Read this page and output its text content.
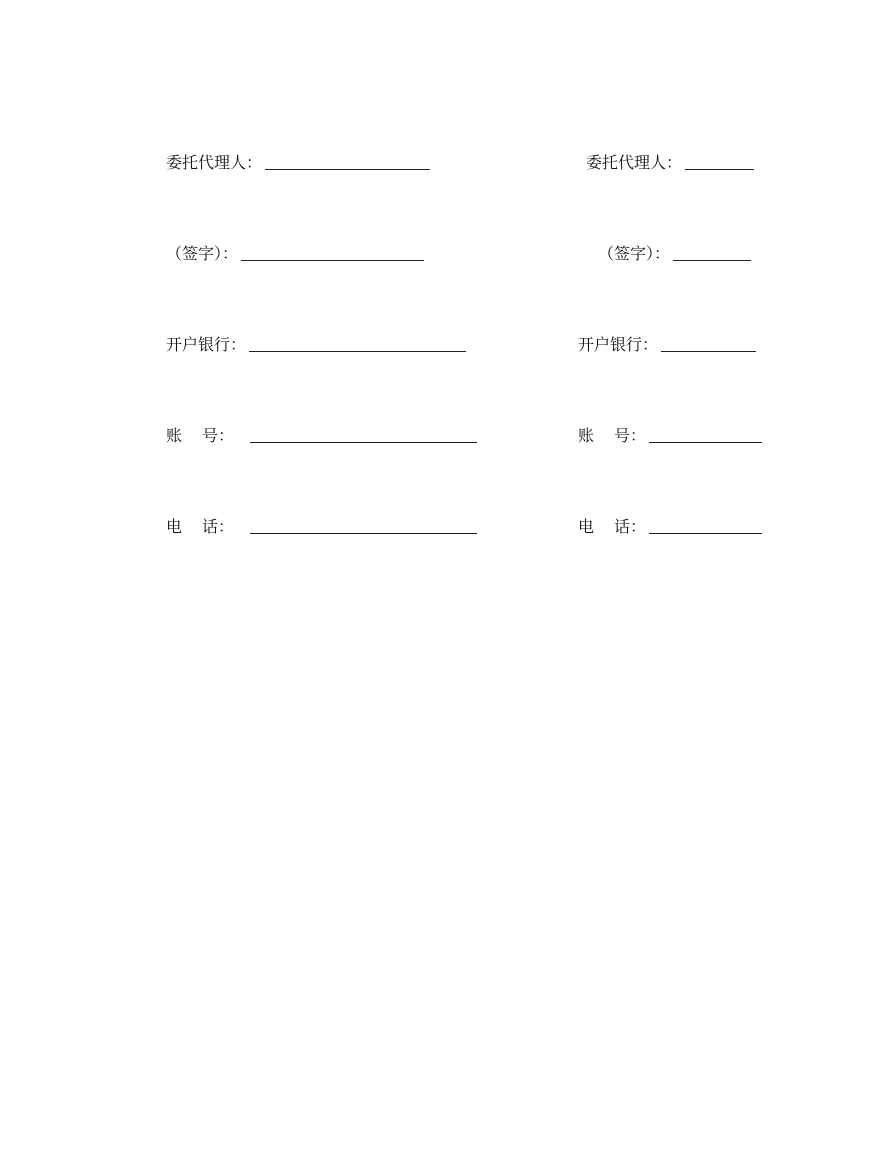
委托代理人：
（签字）：
开户银行：
账 号：
电 话：
委托代理人：
（签字）：
开户银行：
账 号：
电 话：
